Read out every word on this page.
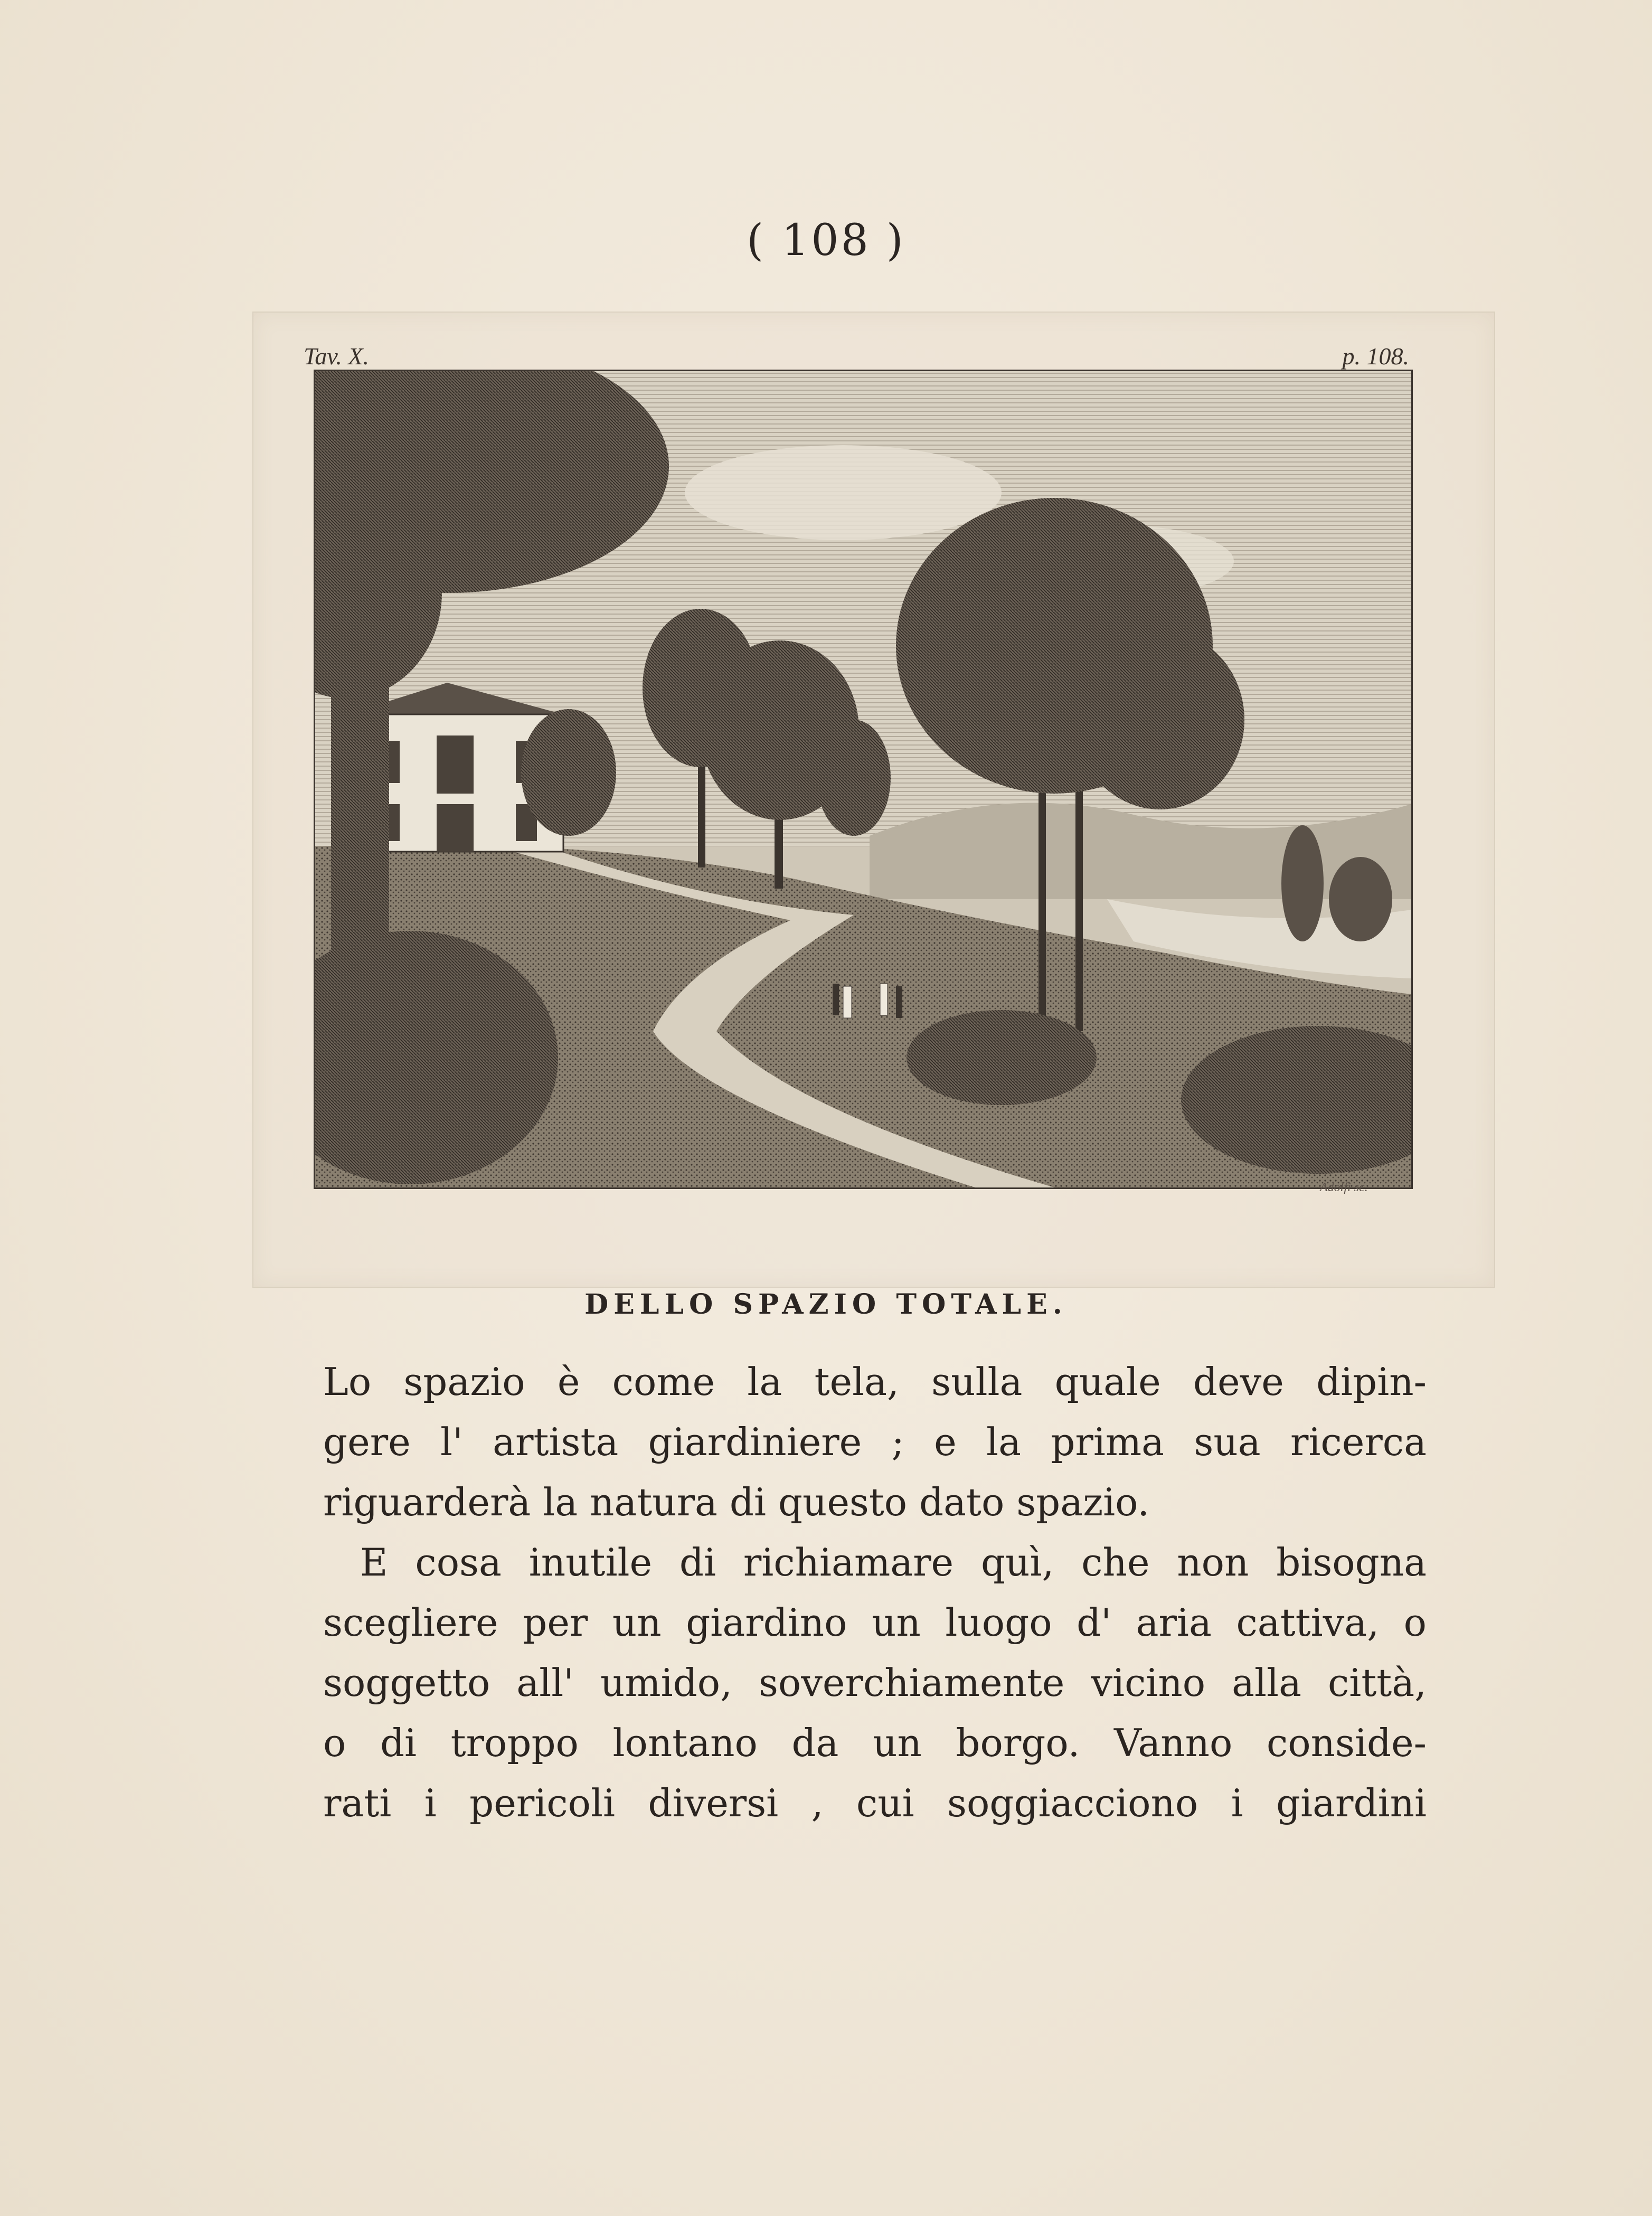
( 108 )
Tav. X.	p. 108.
Adolfi sc.
DELLO SPAZIO TOTALE.
Lo spazio è come la tela, sulla quale deve dipin-
gere l' artista giardiniere ; e la prima sua ricerca
riguarderà la natura di questo dato spazio.
E cosa inutile di richiamare quì, che non bisogna
scegliere per un giardino un luogo d' aria cattiva, o
soggetto all' umido, soverchiamente vicino alla città,
o di troppo lontano da un borgo. Vanno conside-
rati i pericoli diversi , cui soggiacciono i giardini
